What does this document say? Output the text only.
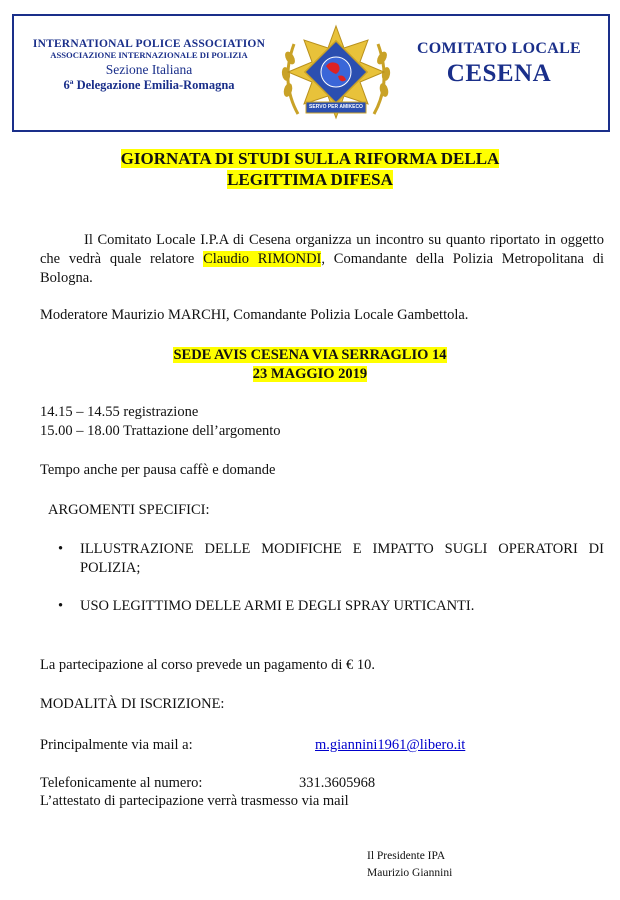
INTERNATIONAL POLICE ASSOCIATION
ASSOCIAZIONE INTERNAZIONALE DI POLIZIA
Sezione Italiana
6ª Delegazione Emilia-Romagna
SERVO PER AMIKECO
COMITATO LOCALE
CESENA
GIORNATA DI STUDI SULLA RIFORMA DELLA
LEGITTIMA DIFESA
Il Comitato Locale I.P.A di Cesena organizza un incontro su quanto riportato in oggetto che vedrà quale relatore Claudio RIMONDI, Comandante della Polizia Metropolitana di Bologna.
Moderatore Maurizio MARCHI, Comandante Polizia Locale Gambettola.
SEDE AVIS CESENA VIA SERRAGLIO 14
23 MAGGIO 2019
14.15 – 14.55 registrazione
15.00 – 18.00 Trattazione dell’argomento
Tempo anche per pausa caffè e domande
ARGOMENTI SPECIFICI:
• ILLUSTRAZIONE DELLE MODIFICHE E IMPATTO SUGLI OPERATORI DI POLIZIA;
• USO LEGITTIMO DELLE ARMI E DEGLI SPRAY URTICANTI.
La partecipazione al corso prevede un pagamento di € 10.
MODALITÀ DI ISCRIZIONE:
Principalmente via mail a:	m.giannini1961@libero.it
Telefonicamente al numero:	331.3605968
L’attestato di partecipazione verrà trasmesso via mail
Il Presidente IPA
Maurizio Giannini
